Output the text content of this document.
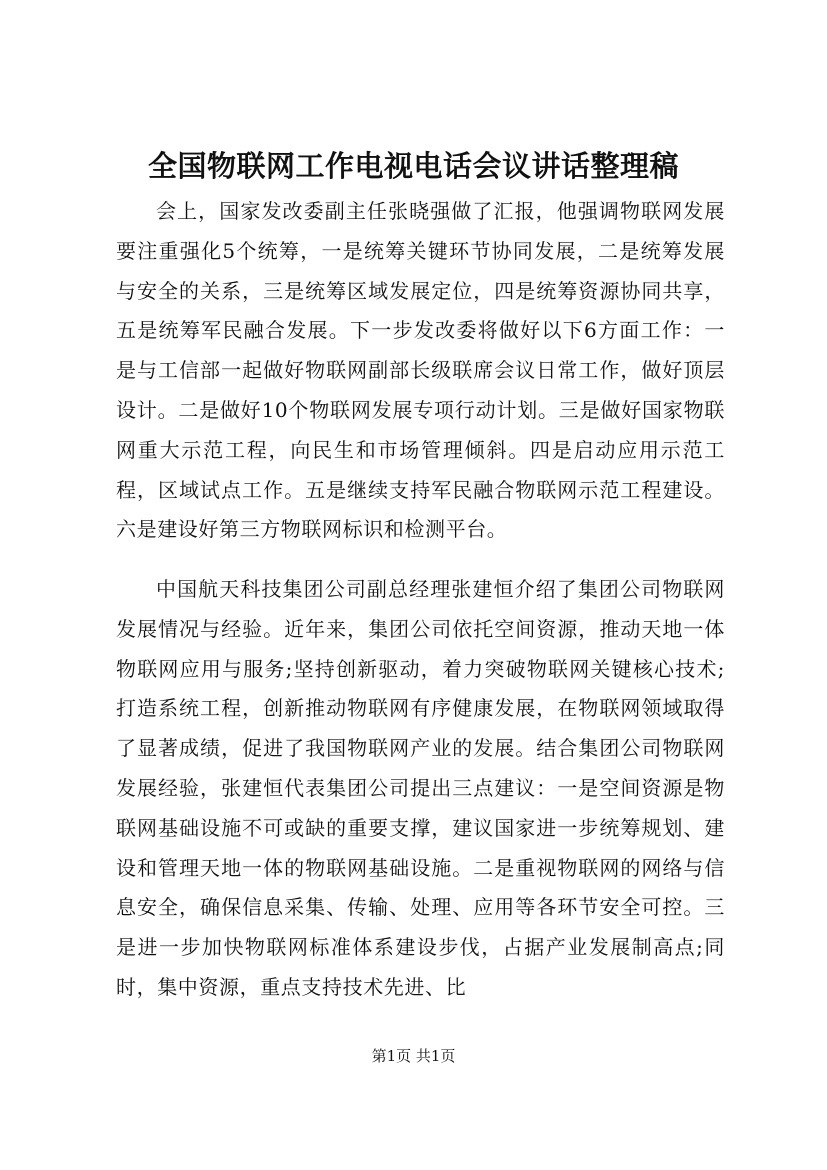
全国物联网工作电视电话会议讲话整理稿

会上，国家发改委副主任张晓强做了汇报，他强调物联网发展要注重强化5个统筹，一是统筹关键环节协同发展，二是统筹发展与安全的关系，三是统筹区域发展定位，四是统筹资源协同共享，五是统筹军民融合发展。下一步发改委将做好以下6方面工作：一是与工信部一起做好物联网副部长级联席会议日常工作，做好顶层设计。二是做好10个物联网发展专项行动计划。三是做好国家物联网重大示范工程，向民生和市场管理倾斜。四是启动应用示范工程，区域试点工作。五是继续支持军民融合物联网示范工程建设。六是建设好第三方物联网标识和检测平台。

中国航天科技集团公司副总经理张建恒介绍了集团公司物联网发展情况与经验。近年来，集团公司依托空间资源，推动天地一体物联网应用与服务;坚持创新驱动，着力突破物联网关键核心技术;打造系统工程，创新推动物联网有序健康发展，在物联网领域取得了显著成绩，促进了我国物联网产业的发展。结合集团公司物联网发展经验，张建恒代表集团公司提出三点建议：一是空间资源是物联网基础设施不可或缺的重要支撑，建议国家进一步统筹规划、建设和管理天地一体的物联网基础设施。二是重视物联网的网络与信息安全，确保信息采集、传输、处理、应用等各环节安全可控。三是进一步加快物联网标准体系建设步伐，占据产业发展制高点;同时，集中资源，重点支持技术先进、比

第1页 共1页
